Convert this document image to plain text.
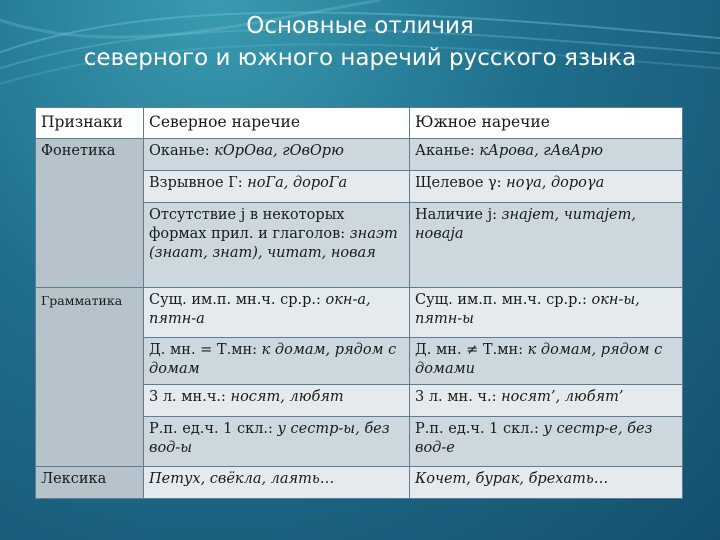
Основные отличия
северного и южного наречий русского языка
Признаки	Северное наречие	Южное наречие
Фонетика	Оканье: кОрОва, гОвОрю	Аканье: кАрова, гАвАрю
	Взрывное Г: ноГа, дороГа	Щелевое γ: ноγа, дороγа
	Отсутствие j в некоторых формах прил. и глаголов: знаэт (знаат, знат), читат, новая	Наличие j: знаjет, читаjет, новаjа
Грамматика	Сущ. им.п. мн.ч. ср.р.: окн-а, пятн-а	Сущ. им.п. мн.ч. ср.р.: окн-ы, пятн-ы
	Д. мн. = Т.мн: к домам, рядом с домам	Д. мн. ≠ Т.мн: к домам, рядом с домами
	3 л. мн.ч.: носят, любят	3 л. мн. ч.: носят’, любят’
	Р.п. ед.ч. 1 скл.: у сестр-ы, без вод-ы	Р.п. ед.ч. 1 скл.: у сестр-е, без вод-е
Лексика	Петух, свёкла, лаять…	Кочет, бурак, брехать…
